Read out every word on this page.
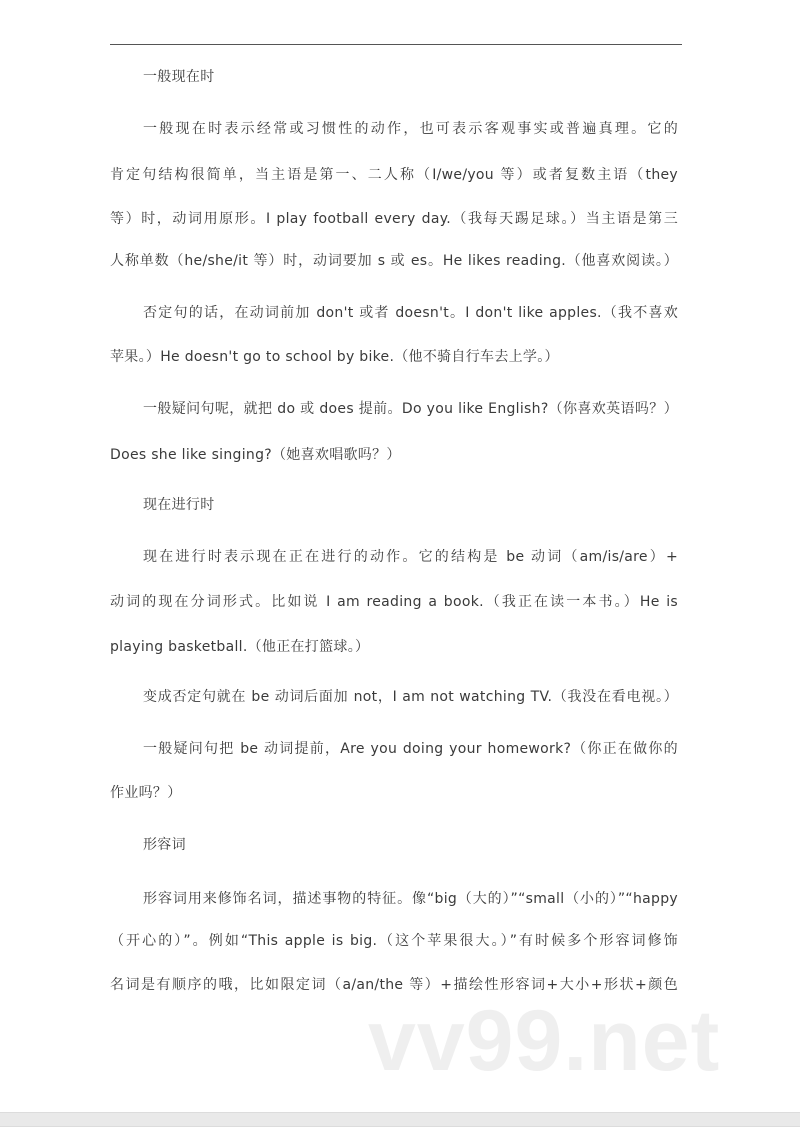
一般现在时
一般现在时表示经常或习惯性的动作，也可表示客观事实或普遍真理。它的
肯定句结构很简单，当主语是第一、二人称（I/we/you 等）或者复数主语（they
等）时，动词用原形。I play football every day.（我每天踢足球。）当主语是第三
人称单数（he/she/it 等）时，动词要加 s 或 es。He likes reading.（他喜欢阅读。）
否定句的话，在动词前加 don't 或者 doesn't。I don't like apples.（我不喜欢
苹果。）He doesn't go to school by bike.（他不骑自行车去上学。）
一般疑问句呢，就把 do 或 does 提前。Do you like English?（你喜欢英语吗？）
Does she like singing?（她喜欢唱歌吗？）
现在进行时
现在进行时表示现在正在进行的动作。它的结构是 be 动词（am/is/are）+
动词的现在分词形式。比如说 I am reading a book.（我正在读一本书。）He is
playing basketball.（他正在打篮球。）
变成否定句就在 be 动词后面加 not，I am not watching TV.（我没在看电视。）
一般疑问句把 be 动词提前，Are you doing your homework?（你正在做你的
作业吗？）
形容词
形容词用来修饰名词，描述事物的特征。像“big（大的）”“small（小的）”“happy
（开心的）”。例如“This apple is big.（这个苹果很大。）”有时候多个形容词修饰
名词是有顺序的哦，比如限定词（a/an/the 等）+描绘性形容词+大小+形状+颜色
vv99.net
